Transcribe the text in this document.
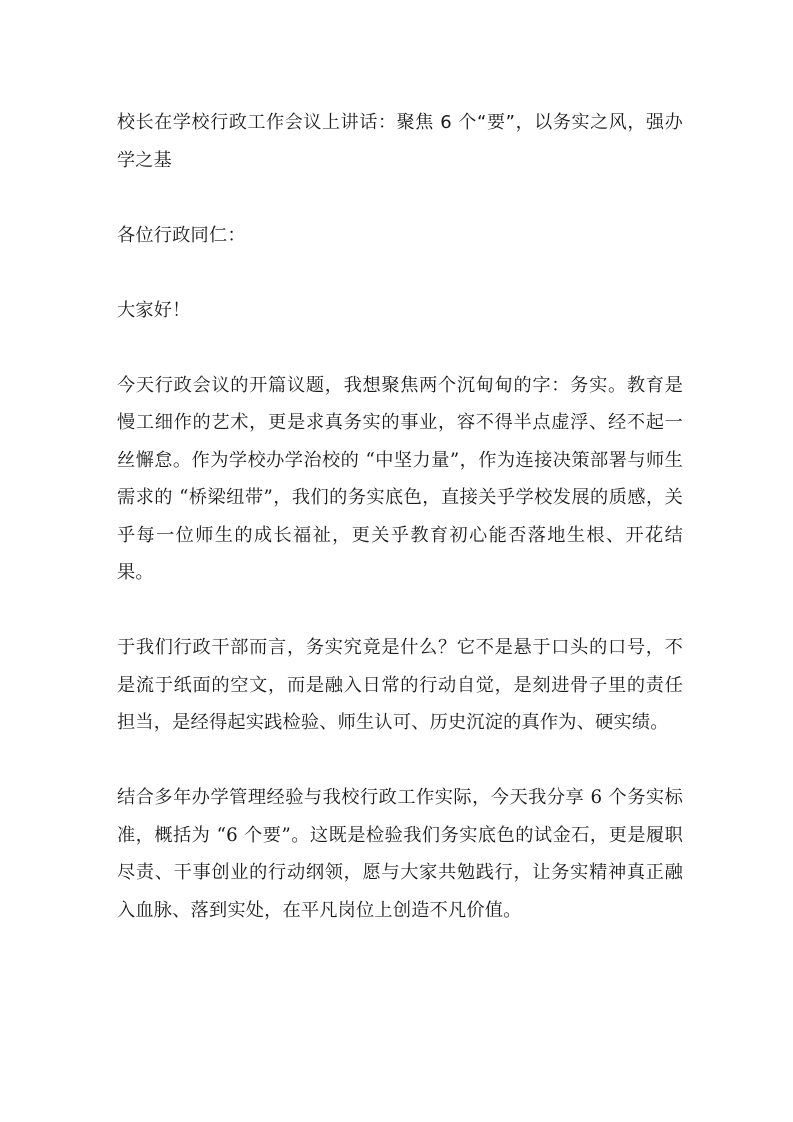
校长在学校行政工作会议上讲话：聚焦 6 个“要”，以务实之风，强办学之基

各位行政同仁：

大家好！

今天行政会议的开篇议题，我想聚焦两个沉甸甸的字：务实。教育是慢工细作的艺术，更是求真务实的事业，容不得半点虚浮、经不起一丝懈怠。作为学校办学治校的 “中坚力量”，作为连接决策部署与师生需求的 “桥梁纽带”，我们的务实底色，直接关乎学校发展的质感，关乎每一位师生的成长福祉，更关乎教育初心能否落地生根、开花结果。

于我们行政干部而言，务实究竟是什么？它不是悬于口头的口号，不是流于纸面的空文，而是融入日常的行动自觉，是刻进骨子里的责任担当，是经得起实践检验、师生认可、历史沉淀的真作为、硬实绩。

结合多年办学管理经验与我校行政工作实际，今天我分享 6 个务实标准，概括为 “6 个要”。这既是检验我们务实底色的试金石，更是履职尽责、干事创业的行动纲领，愿与大家共勉践行，让务实精神真正融入血脉、落到实处，在平凡岗位上创造不凡价值。
